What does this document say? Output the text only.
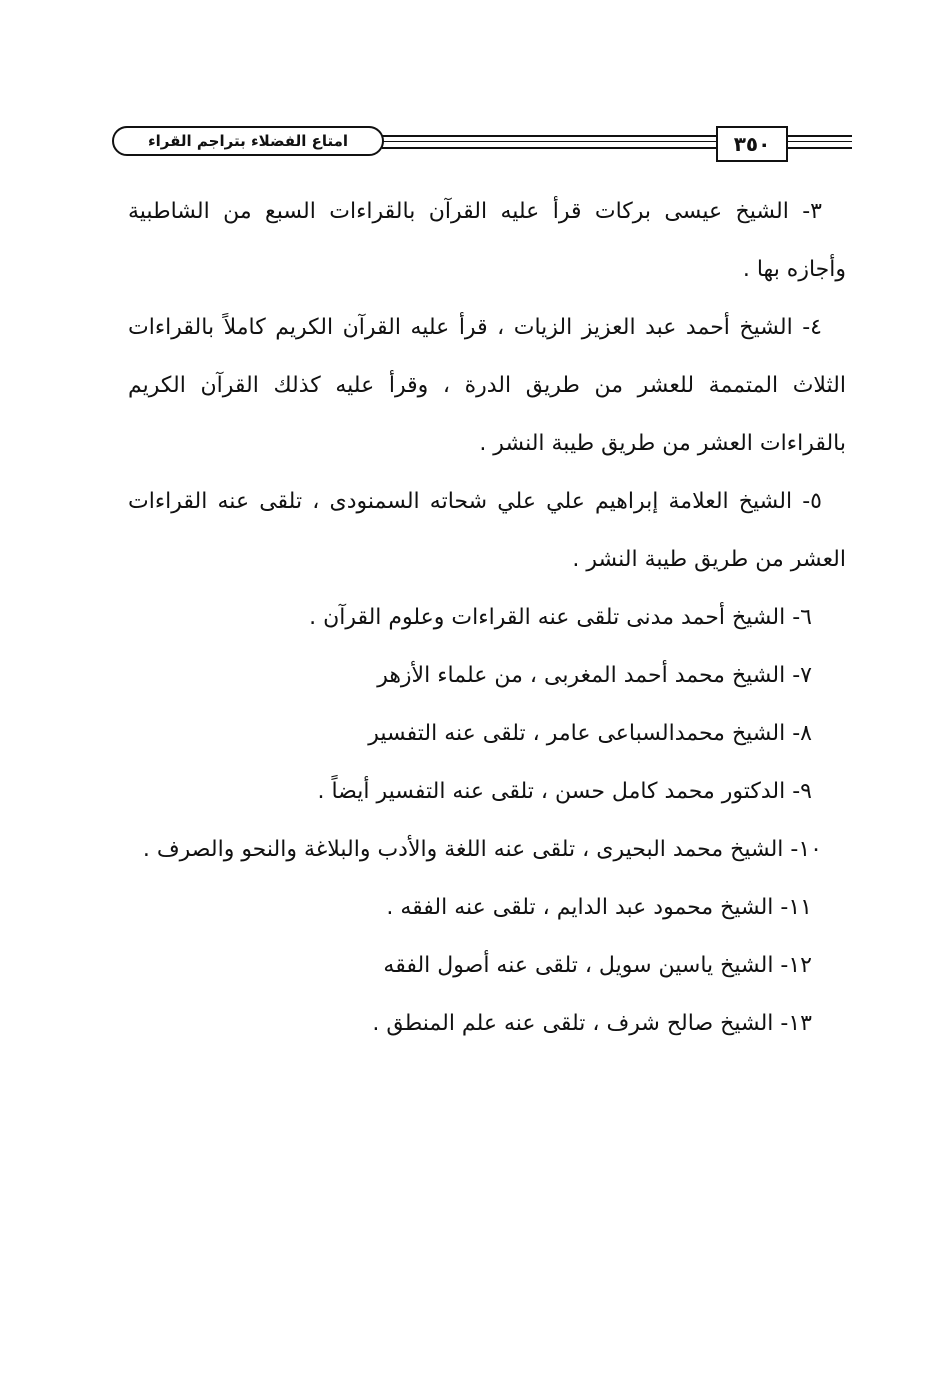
امتاع الفضلاء بتراجم القراء	٣٥٠

٣- الشيخ عيسى بركات قرأ عليه القرآن بالقراءات السبع من الشاطبية وأجازه بها .

٤- الشيخ أحمد عبد العزيز الزيات ، قرأ عليه القرآن الكريم كاملاً بالقراءات الثلاث المتممة للعشر من طريق الدرة ، وقرأ عليه كذلك القرآن الكريم بالقراءات العشر من طريق طيبة النشر .

٥- الشيخ العلامة إبراهيم علي علي شحاته السمنودى ، تلقى عنه القراءات العشر من طريق طيبة النشر .

٦- الشيخ أحمد مدنى تلقى عنه القراءات وعلوم القرآن .

٧- الشيخ محمد أحمد المغربى ، من علماء الأزهر

٨- الشيخ محمدالسباعى عامر ، تلقى عنه التفسير

٩- الدكتور محمد كامل حسن ، تلقى عنه التفسير أيضاً .

١٠- الشيخ محمد البحيرى ، تلقى عنه اللغة والأدب والبلاغة والنحو والصرف .

١١- الشيخ محمود عبد الدايم ، تلقى عنه الفقه .

١٢- الشيخ ياسين سويل ، تلقى عنه أصول الفقه

١٣- الشيخ صالح شرف ، تلقى عنه علم المنطق .
